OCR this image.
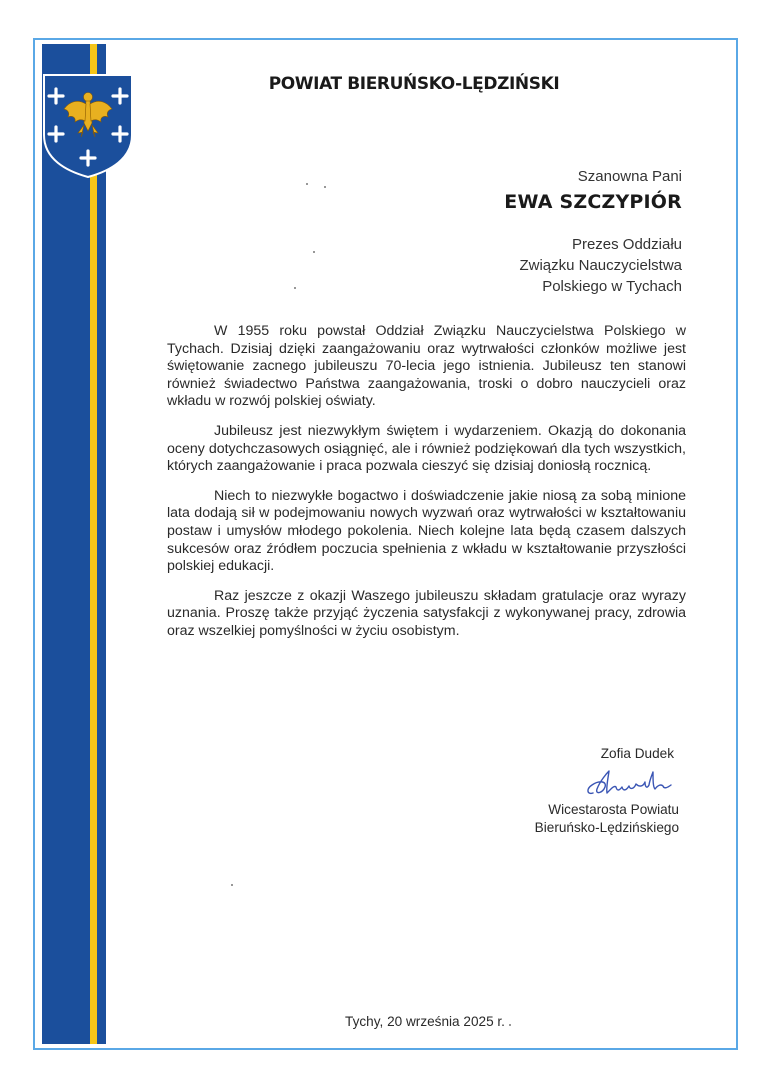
POWIAT BIERUŃSKO-LĘDZIŃSKI
Szanowna Pani
EWA SZCZYPIÓR
Prezes Oddziału
Związku Nauczycielstwa
Polskiego w Tychach

W 1955 roku powstał Oddział Związku Nauczycielstwa Polskiego w Tychach. Dzisiaj dzięki zaangażowaniu oraz wytrwałości członków możliwe jest świętowanie zacnego jubileuszu 70-lecia jego istnienia. Jubileusz ten stanowi również świadectwo Państwa zaangażowania, troski o dobro nauczycieli oraz wkładu w rozwój polskiej oświaty.

Jubileusz jest niezwykłym świętem i wydarzeniem. Okazją do dokonania oceny dotychczasowych osiągnięć, ale i również podziękowań dla tych wszystkich, których zaangażowanie i praca pozwala cieszyć się dzisiaj doniosłą rocznicą.

Niech to niezwykłe bogactwo i doświadczenie jakie niosą za sobą minione lata dodają sił w podejmowaniu nowych wyzwań oraz wytrwałości w kształtowaniu postaw i umysłów młodego pokolenia. Niech kolejne lata będą czasem dalszych sukcesów oraz źródłem poczucia spełnienia z wkładu w kształtowanie przyszłości polskiej edukacji.

Raz jeszcze z okazji Waszego jubileuszu składam gratulacje oraz wyrazy uznania. Proszę także przyjąć życzenia satysfakcji z wykonywanej pracy, zdrowia oraz wszelkiej pomyślności w życiu osobistym.

Zofia Dudek
Wicestarosta Powiatu
Bieruńsko-Lędzińskiego
Tychy, 20 września 2025 r.
